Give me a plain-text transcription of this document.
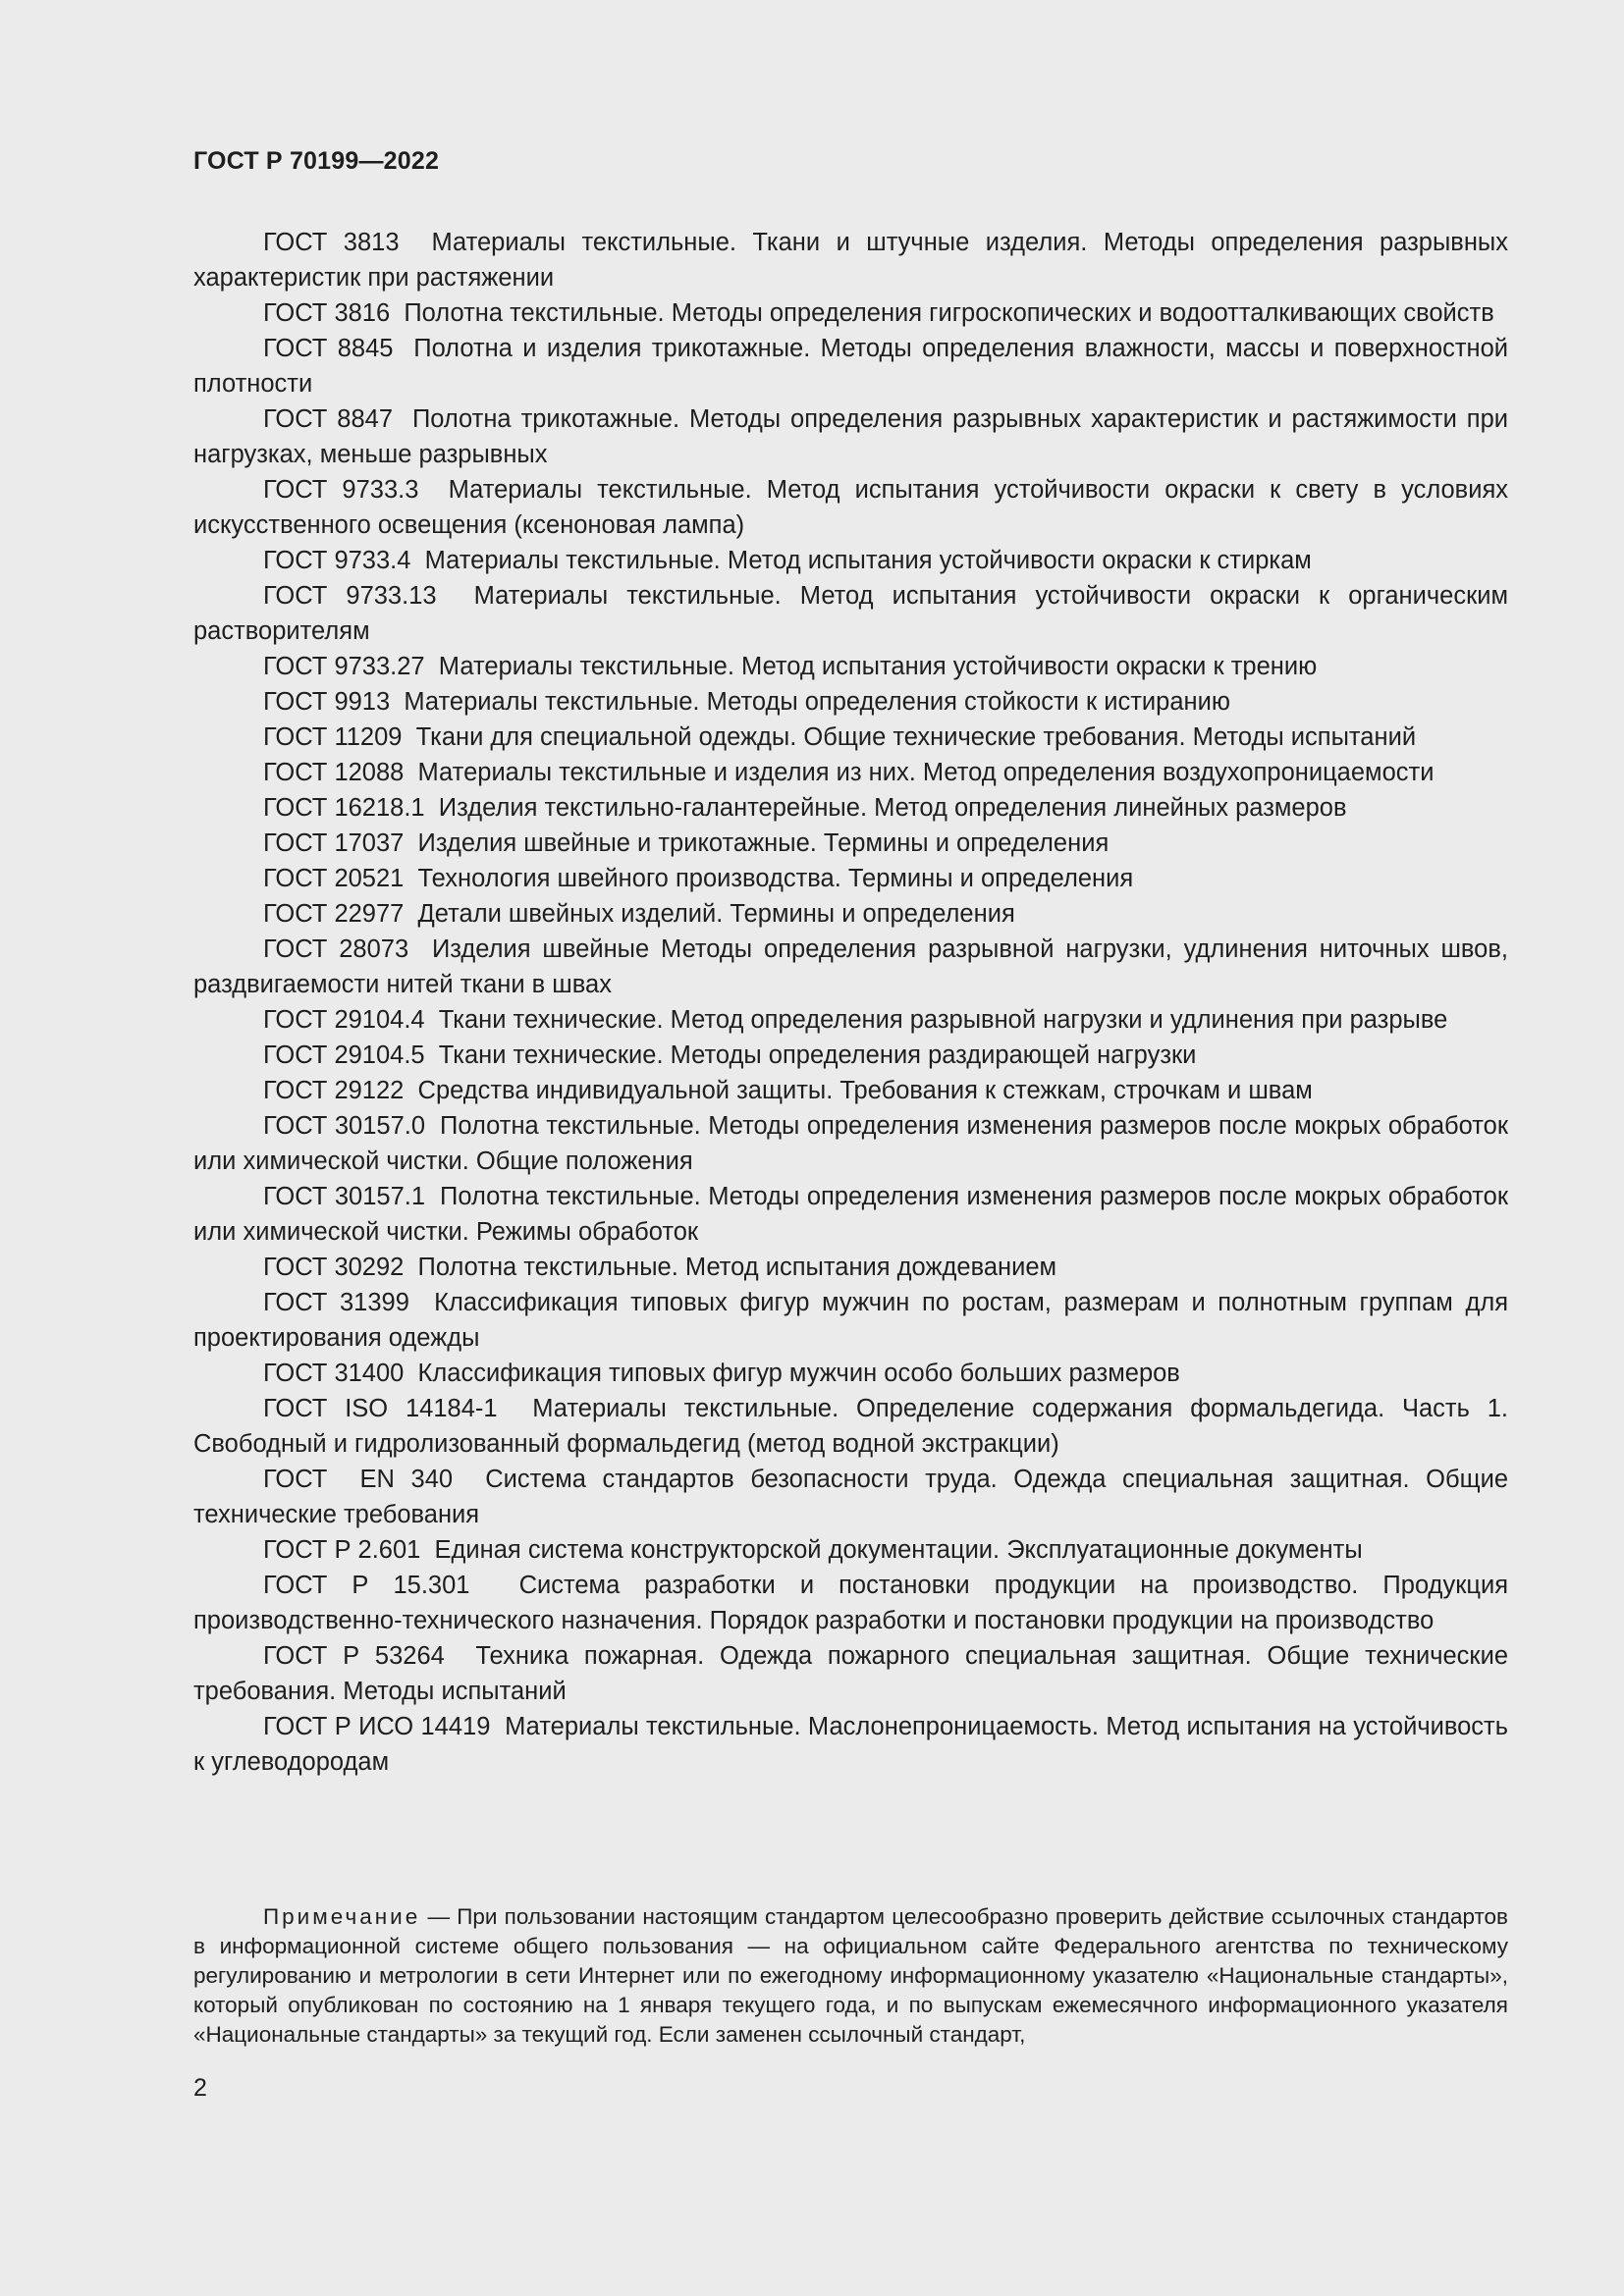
ГОСТ Р 70199—2022

ГОСТ 3813 Материалы текстильные. Ткани и штучные изделия. Методы определения разрывных характеристик при растяжении

ГОСТ 3816 Полотна текстильные. Методы определения гигроскопических и водоотталкивающих свойств

ГОСТ 8845 Полотна и изделия трикотажные. Методы определения влажности, массы и поверхностной плотности

ГОСТ 8847 Полотна трикотажные. Методы определения разрывных характеристик и растяжимости при нагрузках, меньше разрывных

ГОСТ 9733.3 Материалы текстильные. Метод испытания устойчивости окраски к свету в условиях искусственного освещения (ксеноновая лампа)

ГОСТ 9733.4 Материалы текстильные. Метод испытания устойчивости окраски к стиркам

ГОСТ 9733.13 Материалы текстильные. Метод испытания устойчивости окраски к органическим растворителям

ГОСТ 9733.27 Материалы текстильные. Метод испытания устойчивости окраски к трению

ГОСТ 9913 Материалы текстильные. Методы определения стойкости к истиранию

ГОСТ 11209 Ткани для специальной одежды. Общие технические требования. Методы испытаний

ГОСТ 12088 Материалы текстильные и изделия из них. Метод определения воздухопроницаемости

ГОСТ 16218.1 Изделия текстильно-галантерейные. Метод определения линейных размеров

ГОСТ 17037 Изделия швейные и трикотажные. Термины и определения

ГОСТ 20521 Технология швейного производства. Термины и определения

ГОСТ 22977 Детали швейных изделий. Термины и определения

ГОСТ 28073 Изделия швейные Методы определения разрывной нагрузки, удлинения ниточных швов, раздвигаемости нитей ткани в швах

ГОСТ 29104.4 Ткани технические. Метод определения разрывной нагрузки и удлинения при разрыве

ГОСТ 29104.5 Ткани технические. Методы определения раздирающей нагрузки

ГОСТ 29122 Средства индивидуальной защиты. Требования к стежкам, строчкам и швам

ГОСТ 30157.0 Полотна текстильные. Методы определения изменения размеров после мокрых обработок или химической чистки. Общие положения

ГОСТ 30157.1 Полотна текстильные. Методы определения изменения размеров после мокрых обработок или химической чистки. Режимы обработок

ГОСТ 30292 Полотна текстильные. Метод испытания дождеванием

ГОСТ 31399 Классификация типовых фигур мужчин по ростам, размерам и полнотным группам для проектирования одежды

ГОСТ 31400 Классификация типовых фигур мужчин особо больших размеров

ГОСТ ISO 14184-1 Материалы текстильные. Определение содержания формальдегида. Часть 1. Свободный и гидролизованный формальдегид (метод водной экстракции)

ГОСТ  EN 340 Система стандартов безопасности труда. Одежда специальная защитная. Общие технические требования

ГОСТ Р 2.601 Единая система конструкторской документации. Эксплуатационные документы

ГОСТ Р 15.301 Система разработки и постановки продукции на производство. Продукция производственно-технического назначения. Порядок разработки и постановки продукции на производство

ГОСТ Р 53264 Техника пожарная. Одежда пожарного специальная защитная. Общие технические требования. Методы испытаний

ГОСТ Р ИСО 14419 Материалы текстильные. Маслонепроницаемость. Метод испытания на устойчивость к углеводородам

Примечание — При пользовании настоящим стандартом целесообразно проверить действие ссылочных стандартов в информационной системе общего пользования — на официальном сайте Федерального агентства по техническому регулированию и метрологии в сети Интернет или по ежегодному информационному указателю «Национальные стандарты», который опубликован по состоянию на 1 января текущего года, и по выпускам ежемесячного информационного указателя «Национальные стандарты» за текущий год. Если заменен ссылочный стандарт,

2
